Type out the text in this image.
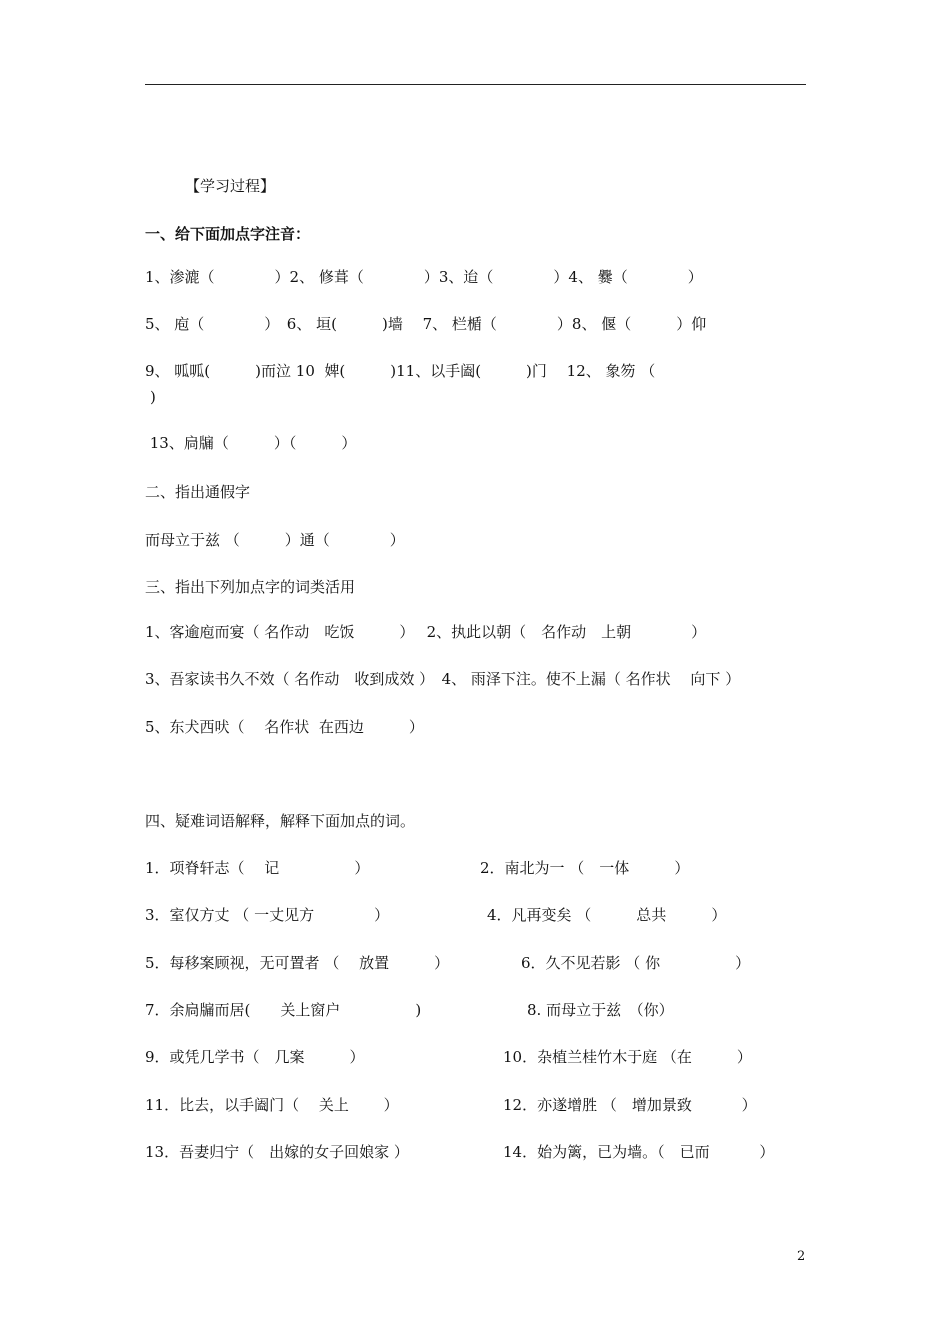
【学习过程】
一、给下面加点字注音：
1、渗漉（　　　　）2、 修葺（　　　　）3、迨（　　　　）4、 爨（　　　　）
5、 庖（　　　　）　6、 垣(　　　)墙　 7、 栏楯（　　　　）8、 偃（　　　）仰
9、 呱呱(　　　)而泣 10  婢(　　　)11、以手阖(　　　)门　 12、 象笏 （
)
13、扃牖（　　　）（　　　）
二、指出通假字
而母立于兹 （　　　）通（　　　　）
三、指出下列加点字的词类活用
1、客逾庖而宴（ 名作动　吃饭　　　）　 2、执此以朝（　名作动　上朝　　　　）
3、吾家读书久不效（ 名作动　收到成效 ）　4、 雨泽下注。使不上漏（ 名作状　 向下 ）
5、东犬西吠（　 名作状  在西边　　　）
四、疑难词语解释，解释下面加点的词。
1．项脊轩志（　 记　　　　　）	2．南北为一 （　一体　　　）
3．室仅方丈 （ 一丈见方　　　　）	4．凡再变矣 （　　　总共　　　）
5．每移案顾视，无可置者 （　 放置　　　）	6．久不见若影 （ 你　　　　　）
7．余扃牖而居(　　关上窗户　　　　　)	8. 而母立于兹　（你）
9．或凭几学书（　几案　　　）	10．杂植兰桂竹木于庭 （在　　　）
11．比去，以手阖门（　 关上　　 ）	12．亦遂增胜 （　增加景致　　　 ）
13．吾妻归宁（　出嫁的女子回娘家 ）	14．始为篱，已为墙。（　已而　　　 ）
2
